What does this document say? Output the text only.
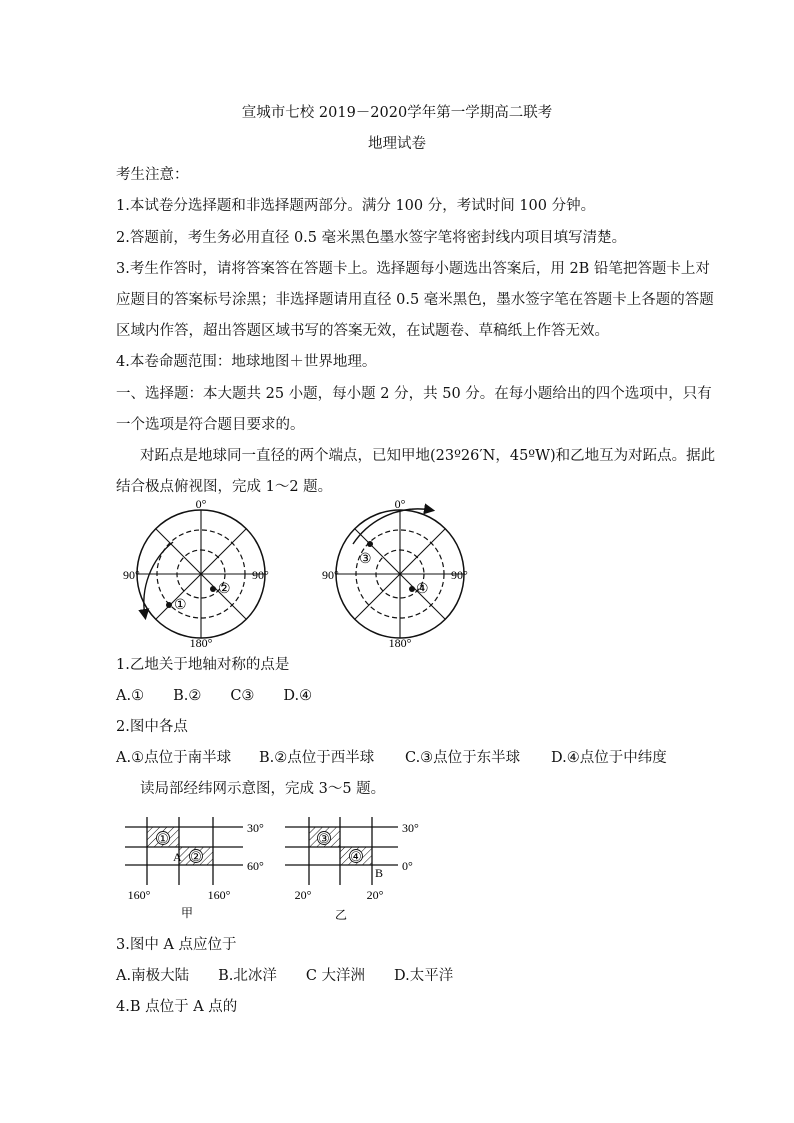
宣城市七校 2019－2020学年第一学期高二联考
地理试卷
考生注意：
1.本试卷分选择题和非选择题两部分。满分 100 分，考试时间 100 分钟。
2.答题前，考生务必用直径 0.5 毫米黑色墨水签字笔将密封线内项目填写清楚。
3.考生作答时，请将答案答在答题卡上。选择题每小题选出答案后，用 2B 铅笔把答题卡上对
应题目的答案标号涂黑；非选择题请用直径 0.5 毫米黑色，墨水签字笔在答题卡上各题的答题
区域内作答，超出答题区域书写的答案无效，在试题卷、草稿纸上作答无效。
4.本卷命题范围：地球地图＋世界地理。
一、选择题：本大题共 25 小题，每小题 2 分，共 50 分。在每小题给出的四个选项中，只有
一个选项是符合题目要求的。
对跖点是地球同一直径的两个端点，已知甲地(23º26′N，45ºW)和乙地互为对跖点。据此
结合极点俯视图，完成 1～2 题。
0°
90°	90°
180°
①
②
0°
90°	90°
180°
③
④
1.乙地关于地轴对称的点是
A.①　　B.②　　C③　　D.④
2.图中各点
A.①点位于南半球 B.②点位于西半球 C.③点位于东半球 D.④点位于中纬度
读局部经纬网示意图，完成 3～5 题。
30°
60°
160°	160°
①
②
A
甲
30°
0°
20°	20°
③
④
B
乙
3.图中 A 点应位于
A.南极大陆　　B.北冰洋　　C 大洋洲　　D.太平洋
4.B 点位于 A 点的
